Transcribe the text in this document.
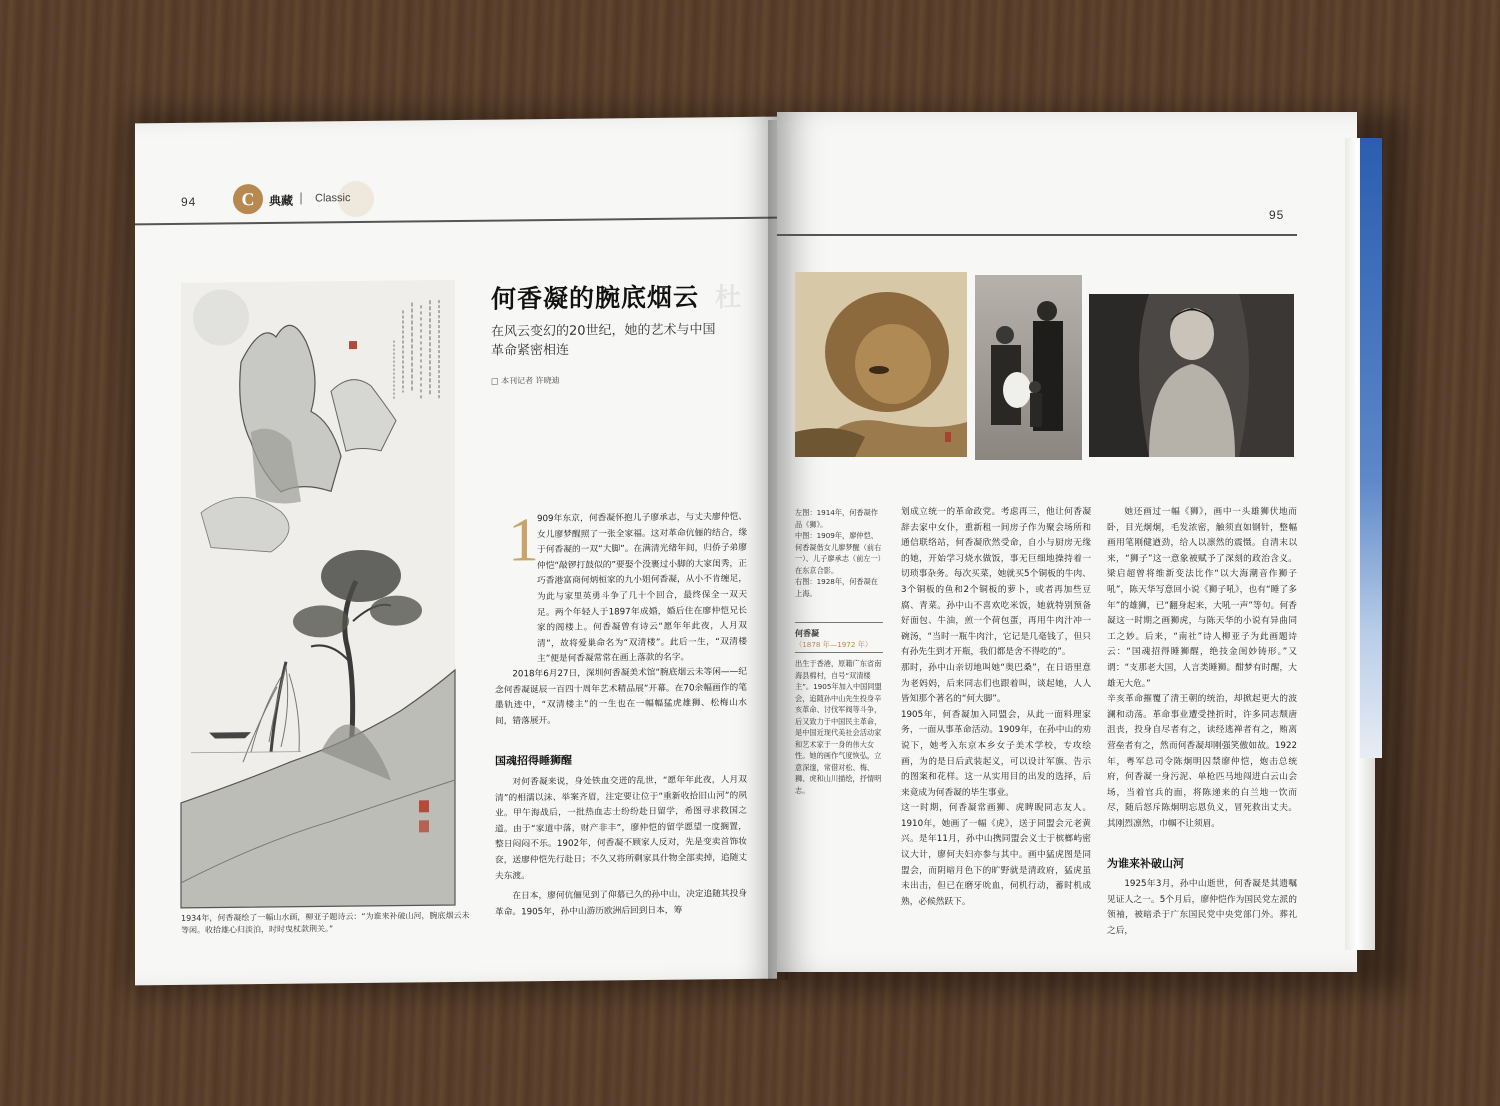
94	C	典藏 | Classic
杜
1934年，何香凝绘了一幅山水画，柳亚子题诗云：“为谁来补破山河，腕底烟云未等闲。收拾雄心归淡泊，时时曳杖款荆关。”
何香凝的腕底烟云
在风云变幻的20世纪，她的艺术与中国革命紧密相连
□ 本刊记者 许晓迪
1
909年东京，何香凝怀抱儿子廖承志，与丈夫廖仲恺、女儿廖梦醒照了一张全家福。这对革命伉俪的结合，缘于何香凝的一双“大脚”。在满清光绪年间，归侨子弟廖仲恺“敲锣打鼓似的”要娶个没裹过小脚的大家闺秀，正巧香港富商何炳桓家的九小姐何香凝，从小不肯缠足，为此与家里英勇斗争了几十个回合，最终保全一双天足。两个年轻人于1897年成婚，婚后住在廖仲恺兄长家的阁楼上。何香凝曾有诗云“愿年年此夜，人月双清”，故将爱巢命名为“双清楼”。此后一生，“双清楼主”便是何香凝常常在画上落款的名字。
2018年6月27日，深圳何香凝美术馆“腕底烟云未等闲——纪念何香凝诞辰一百四十周年艺术精品展”开幕。在70余幅画作的笔墨轨迹中，“双清楼主”的一生也在一幅幅猛虎雄狮、松梅山水间，错落展开。
国魂招得睡狮醒
对何香凝来说，身处铁血交迸的乱世，“愿年年此夜，人月双清”的相濡以沫、举案齐眉，注定要让位于“重新收拾旧山河”的夙业。甲午海战后，一批热血志士纷纷赴日留学，希图寻求救国之道。由于“家道中落，财产非丰”，廖仲恺的留学愿望一度搁置，整日闷闷不乐。1902年，何香凝不顾家人反对，先是变卖首饰妆奁，送廖仲恺先行赴日；不久又将所剩家具什物全部卖掉，追随丈夫东渡。
在日本，廖何伉俪见到了仰慕已久的孙中山，决定追随其投身革命。1905年，孙中山游历欧洲后回到日本，筹
95
左图：1914年，何香凝作品《狮》。
中图：1909年，廖仲恺、何香凝偕女儿廖梦醒（前右一）、儿子廖承志（前左一）在东京合影。
右图：1928年，何香凝在上海。
何香凝
（1878 年—1972 年）
出生于香港，原籍广东省南海县棉村，自号“双清楼主”。1905年加入中国同盟会，追随孙中山先生投身辛亥革命、讨伐军阀等斗争，后又致力于中国民主革命，是中国近现代美社会活动家和艺术家于一身的伟大女性。她的画作气度恢弘，立意深邃，常借对松、梅、狮、虎和山川描绘，抒情明志。
划成立统一的革命政党。考虑再三，他让何香凝辞去家中女仆，重新租一间房子作为聚会场所和通信联络站，何香凝欣然受命，自小与厨房无缘的她，开始学习烧水做饭，事无巨细地操持着一切琐事杂务。每次买菜，她就买5个铜板的牛肉、3个铜板的鱼和2个铜板的萝卜，或者再加些豆腐、青菜。孙中山不喜欢吃米饭，她就特别预备好面包、牛油，煎一个荷包蛋，再用牛肉汁冲一碗汤，“当时一瓶牛肉汁，它记是几毫钱了，但只有孙先生到才开瓶，我们都是舍不得吃的”。
那时，孙中山亲切地叫她“奥巴桑”，在日语里意为老妈妈，后来同志们也跟着叫，谈起她，人人皆知那个著名的“何大脚”。
1905年，何香凝加入同盟会，从此一面料理家务，一面从事革命活动。1909年，在孙中山的劝说下，她考入东京本乡女子美术学校，专攻绘画，为的是日后武装起义，可以设计军旗、告示的图案和花样。这一从实用目的出发的选择，后来竟成为何香凝的毕生事业。
这一时期，何香凝常画狮、虎睥睨同志友人。1910年，她画了一幅《虎》，送于同盟会元老黄兴。是年11月，孙中山携同盟会义士于槟榔屿密议大计，廖何夫妇亦参与其中。画中猛虎图是同盟会，而阴暗月色下的旷野就是清政府，猛虎虽未出击，但已在磨牙吮血，伺机行动，蓄时机成熟，必候然跃下。
她还画过一幅《狮》，画中一头雄狮伏地而卧，目光炯炯，毛发浓密，触须直如钢针，整幅画用笔刚健遒劲，给人以凛然的震慑。自清末以来，“狮子”这一意象被赋予了深刻的政治含义。梁启超曾将维新变法比作“以大海潮音作狮子吼”，陈天华写意回小说《狮子吼》，也有“睡了多年”的雄狮，已“翻身起来，大吼一声”等句。何香凝这一时期之画狮虎，与陈天华的小说有异曲同工之妙。后来，“南社”诗人柳亚子为此画题诗云：“国魂招得睡狮醒，绝技金闺妙铸形。”又谓：“支那老大国，人言类睡狮。酣梦有时醒，大雄无大危。”
辛亥革命摧覆了清王朝的统治，却掀起更大的波澜和动荡。革命事业遭受挫折时，许多同志颓唐沮丧，投身自尽者有之，读经逃禅者有之，贿离营垒者有之，然而何香凝却刚强笑傲如故。1922年，粤军总司令陈炯明囚禁廖仲恺，炮击总统府，何香凝一身污泥、单枪匹马地闯进白云山会场，当着官兵的面，将陈递来的白兰地一饮而尽，随后怒斥陈炯明忘恩负义，冒死救出丈夫。其刚烈凛然，巾帼不让须眉。
为谁来补破山河
1925年3月，孙中山逝世，何香凝是其遗嘱见证人之一。5个月后，廖仲恺作为国民党左派的领袖，被暗杀于广东国民党中央党部门外。葬礼之后，
